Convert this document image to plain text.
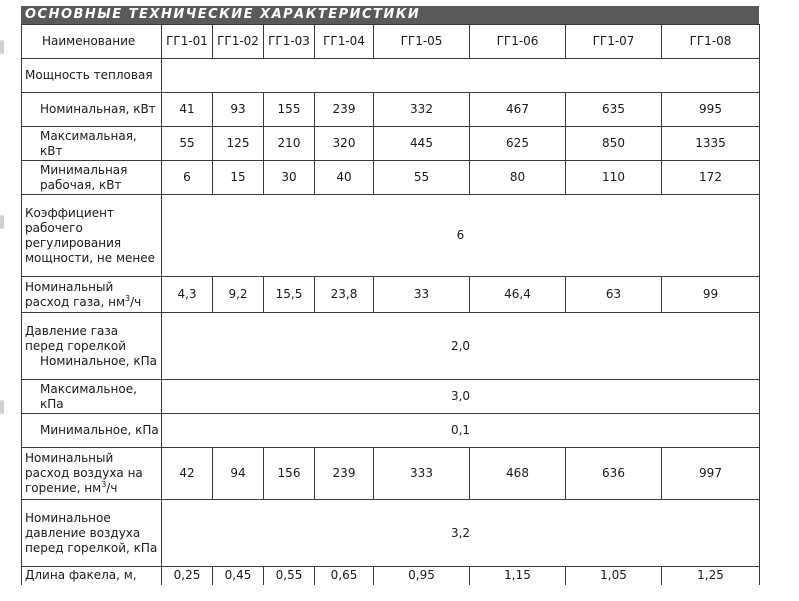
ОСНОВНЫЕ ТЕХНИЧЕСКИЕ ХАРАКТЕРИСТИКИ
Наименование	ГГ1-01	ГГ1-02	ГГ1-03	ГГ1-04	ГГ1-05	ГГ1-06	ГГ1-07	ГГ1-08
Мощность тепловая								
Номинальная, кВт	41	93	155	239	332	467	635	995
Максимальная, кВт	55	125	210	320	445	625	850	1335
Минимальная рабочая, кВт	6	15	30	40	55	80	110	172
Коэффициент рабочего регулирования мощности, не менее	6							
Номинальный расход газа, $нм^3/ч$	4,3	9,2	15,5	23,8	33	46,4	63	99

Давление газа перед горелкой
Номинальное, кПа	2,0							
Максимальное, кПа	3,0							
Минимальное, кПа	0,1							
Номинальный расход воздуха на горение, $нм^3/ч$	42	94	156	239	333	468	636	997
Номинальное давление воздуха перед горелкой, кПа	3,2							
Длина факела, м,	0,25	0,45	0,55	0,65	0,95	1,15	1,05	1,25
